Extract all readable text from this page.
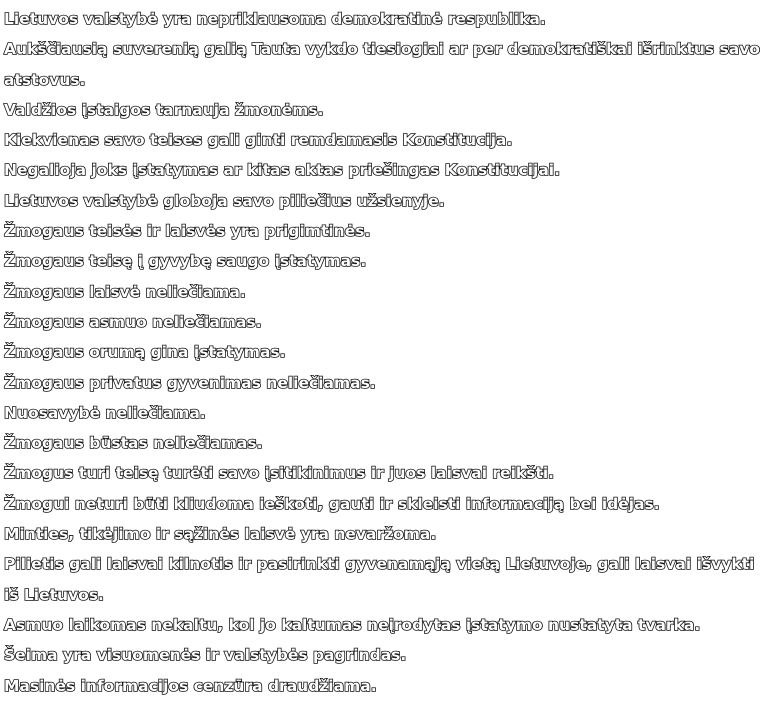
Lietuvos valstybė yra nepriklausoma demokratinė respublika.

Aukščiausią suverenią galią Tauta vykdo tiesiogiai ar per demokratiškai išrinktus savo atstovus.

Valdžios įstaigos tarnauja žmonėms.

Kiekvienas savo teises gali ginti remdamasis Konstitucija.

Negalioja joks įstatymas ar kitas aktas priešingas Konstitucijai.

Lietuvos valstybė globoja savo piliečius užsienyje.

Žmogaus teisės ir laisvės yra prigimtinės.

Žmogaus teisę į gyvybę saugo įstatymas.

Žmogaus laisvė neliečiama.

Žmogaus asmuo neliečiamas.

Žmogaus orumą gina įstatymas.

Žmogaus privatus gyvenimas neliečiamas.

Nuosavybė neliečiama.

Žmogaus būstas neliečiamas.

Žmogus turi teisę turėti savo įsitikinimus ir juos laisvai reikšti.

Žmogui neturi būti kliudoma ieškoti, gauti ir skleisti informaciją bei idėjas.

Minties, tikėjimo ir sąžinės laisvė yra nevaržoma.

Pilietis gali laisvai kilnotis ir pasirinkti gyvenamąją vietą Lietuvoje, gali laisvai išvykti iš Lietuvos.

Asmuo laikomas nekaltu, kol jo kaltumas neįrodytas įstatymo nustatyta tvarka.

Šeima yra visuomenės ir valstybės pagrindas.

Masinės informacijos cenzūra draudžiama.
